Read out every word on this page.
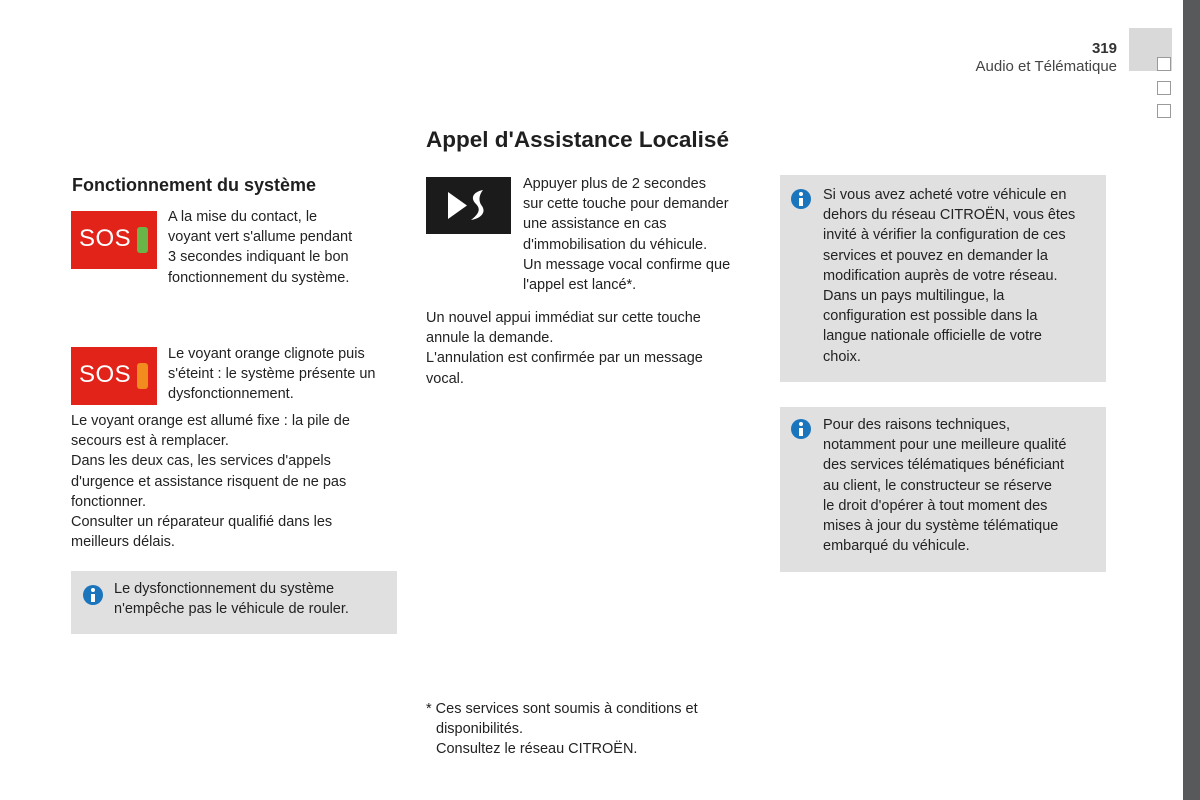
319
Audio et Télématique
Appel d'Assistance Localisé
Fonctionnement du système
SOS
A la mise du contact, le
voyant vert s'allume pendant
3 secondes indiquant le bon
fonctionnement du système.
SOS
Le voyant orange clignote puis
s'éteint : le système présente un
dysfonctionnement.
Le voyant orange est allumé fixe : la pile de
secours est à remplacer.
Dans les deux cas, les services d'appels
d'urgence et assistance risquent de ne pas
fonctionner.
Consulter un réparateur qualifié dans les
meilleurs délais.
Le dysfonctionnement du système
n'empêche pas le véhicule de rouler.
Appuyer plus de 2 secondes
sur cette touche pour demander
une assistance en cas
d'immobilisation du véhicule.
Un message vocal confirme que
l'appel est lancé*.
Un nouvel appui immédiat sur cette touche
annule la demande.
L'annulation est confirmée par un message
vocal.
* Ces services sont soumis à conditions et
disponibilités.
Consultez le réseau CITROËN.
Si vous avez acheté votre véhicule en
dehors du réseau CITROËN, vous êtes
invité à vérifier la configuration de ces
services et pouvez en demander la
modification auprès de votre réseau.
Dans un pays multilingue, la
configuration est possible dans la
langue nationale officielle de votre
choix.
Pour des raisons techniques,
notamment pour une meilleure qualité
des services télématiques bénéficiant
au client, le constructeur se réserve
le droit d'opérer à tout moment des
mises à jour du système télématique
embarqué du véhicule.
